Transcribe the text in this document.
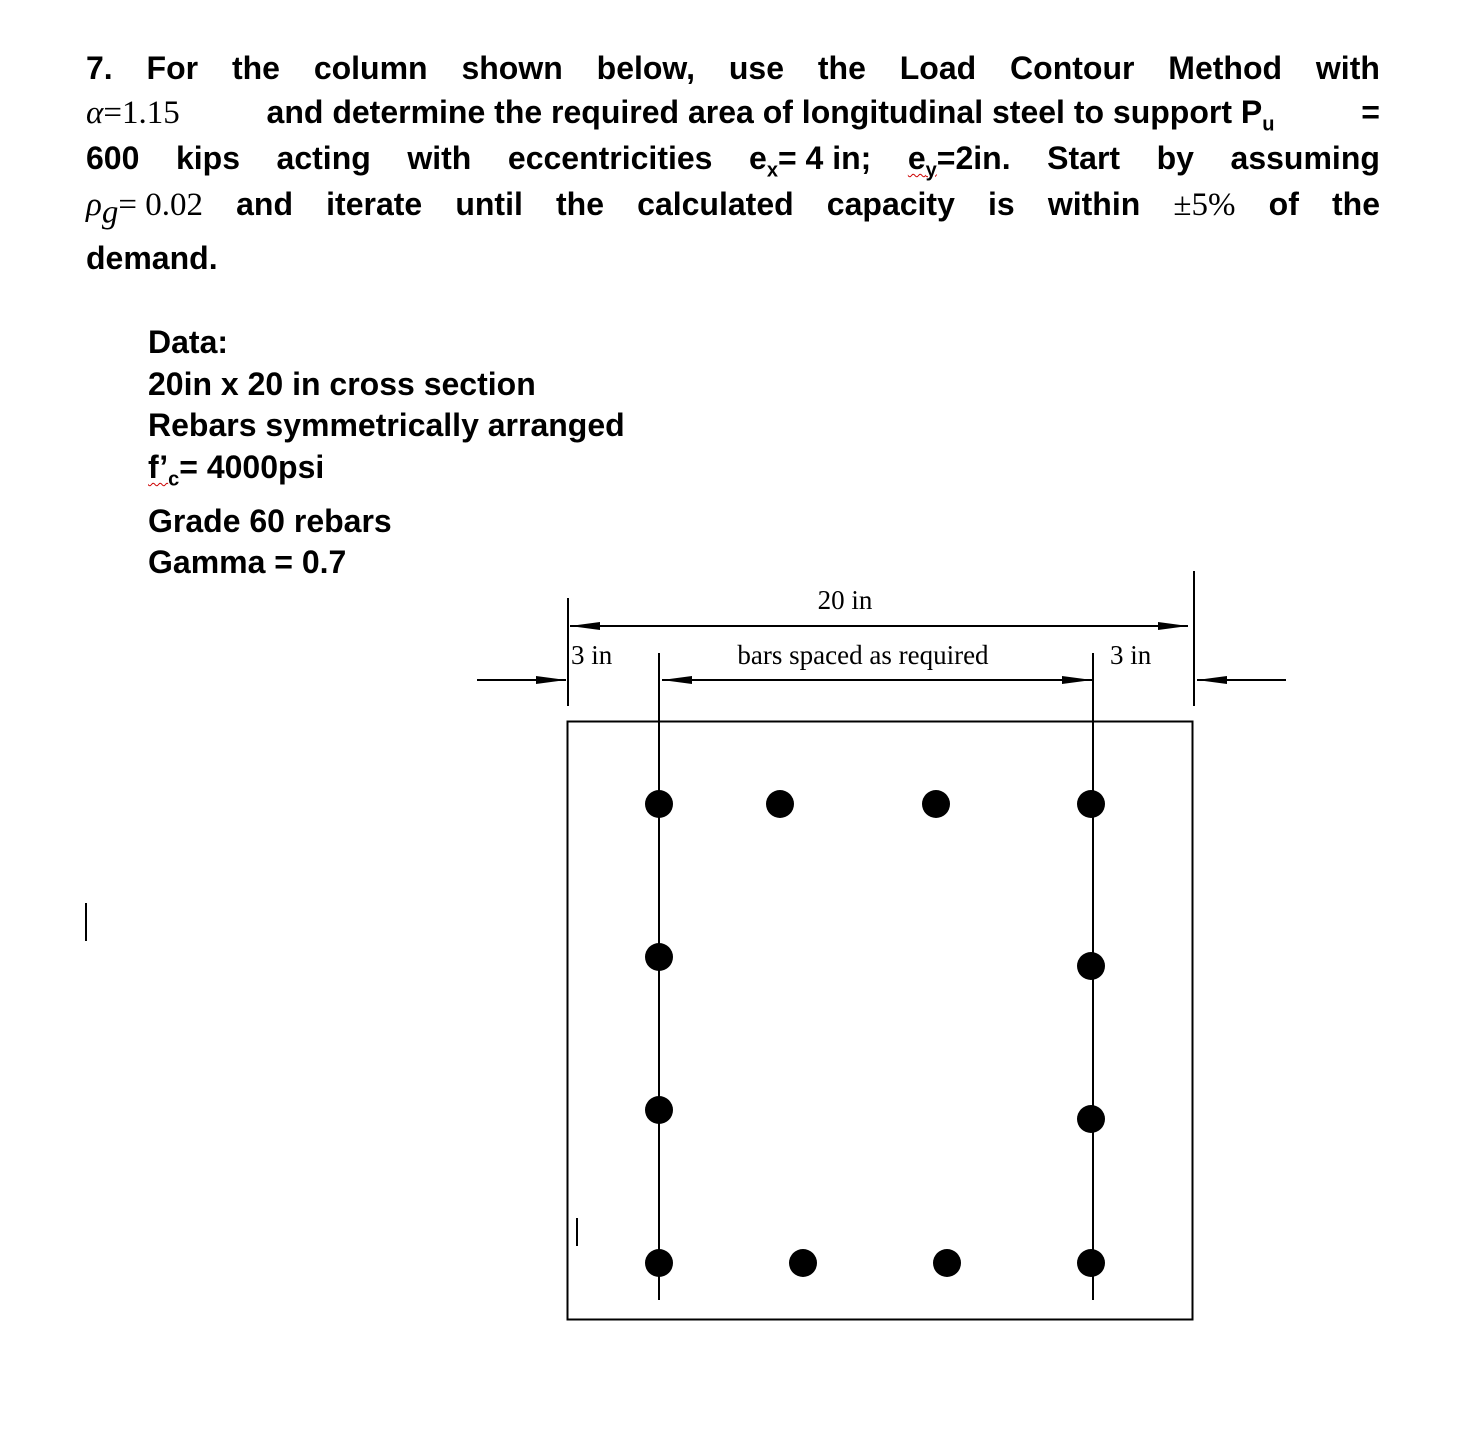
7. For the column shown below, use the Load Contour Method with
α=1.15	and determine the required area of longitudinal steel to support $P_u$	=
600 kips acting with eccentricities $e_x= 4$ in; $e_y=2in$. Start by assuming
$\rho_g= 0.02$ and iterate until the calculated capacity is within ±5% of the
demand.
Data:
20in x 20 in cross section
Rebars symmetrically arranged
$f’_c= 4000psi$
Grade 60 rebars
Gamma = 0.7
20 in
3 in	3 in
bars spaced as required
